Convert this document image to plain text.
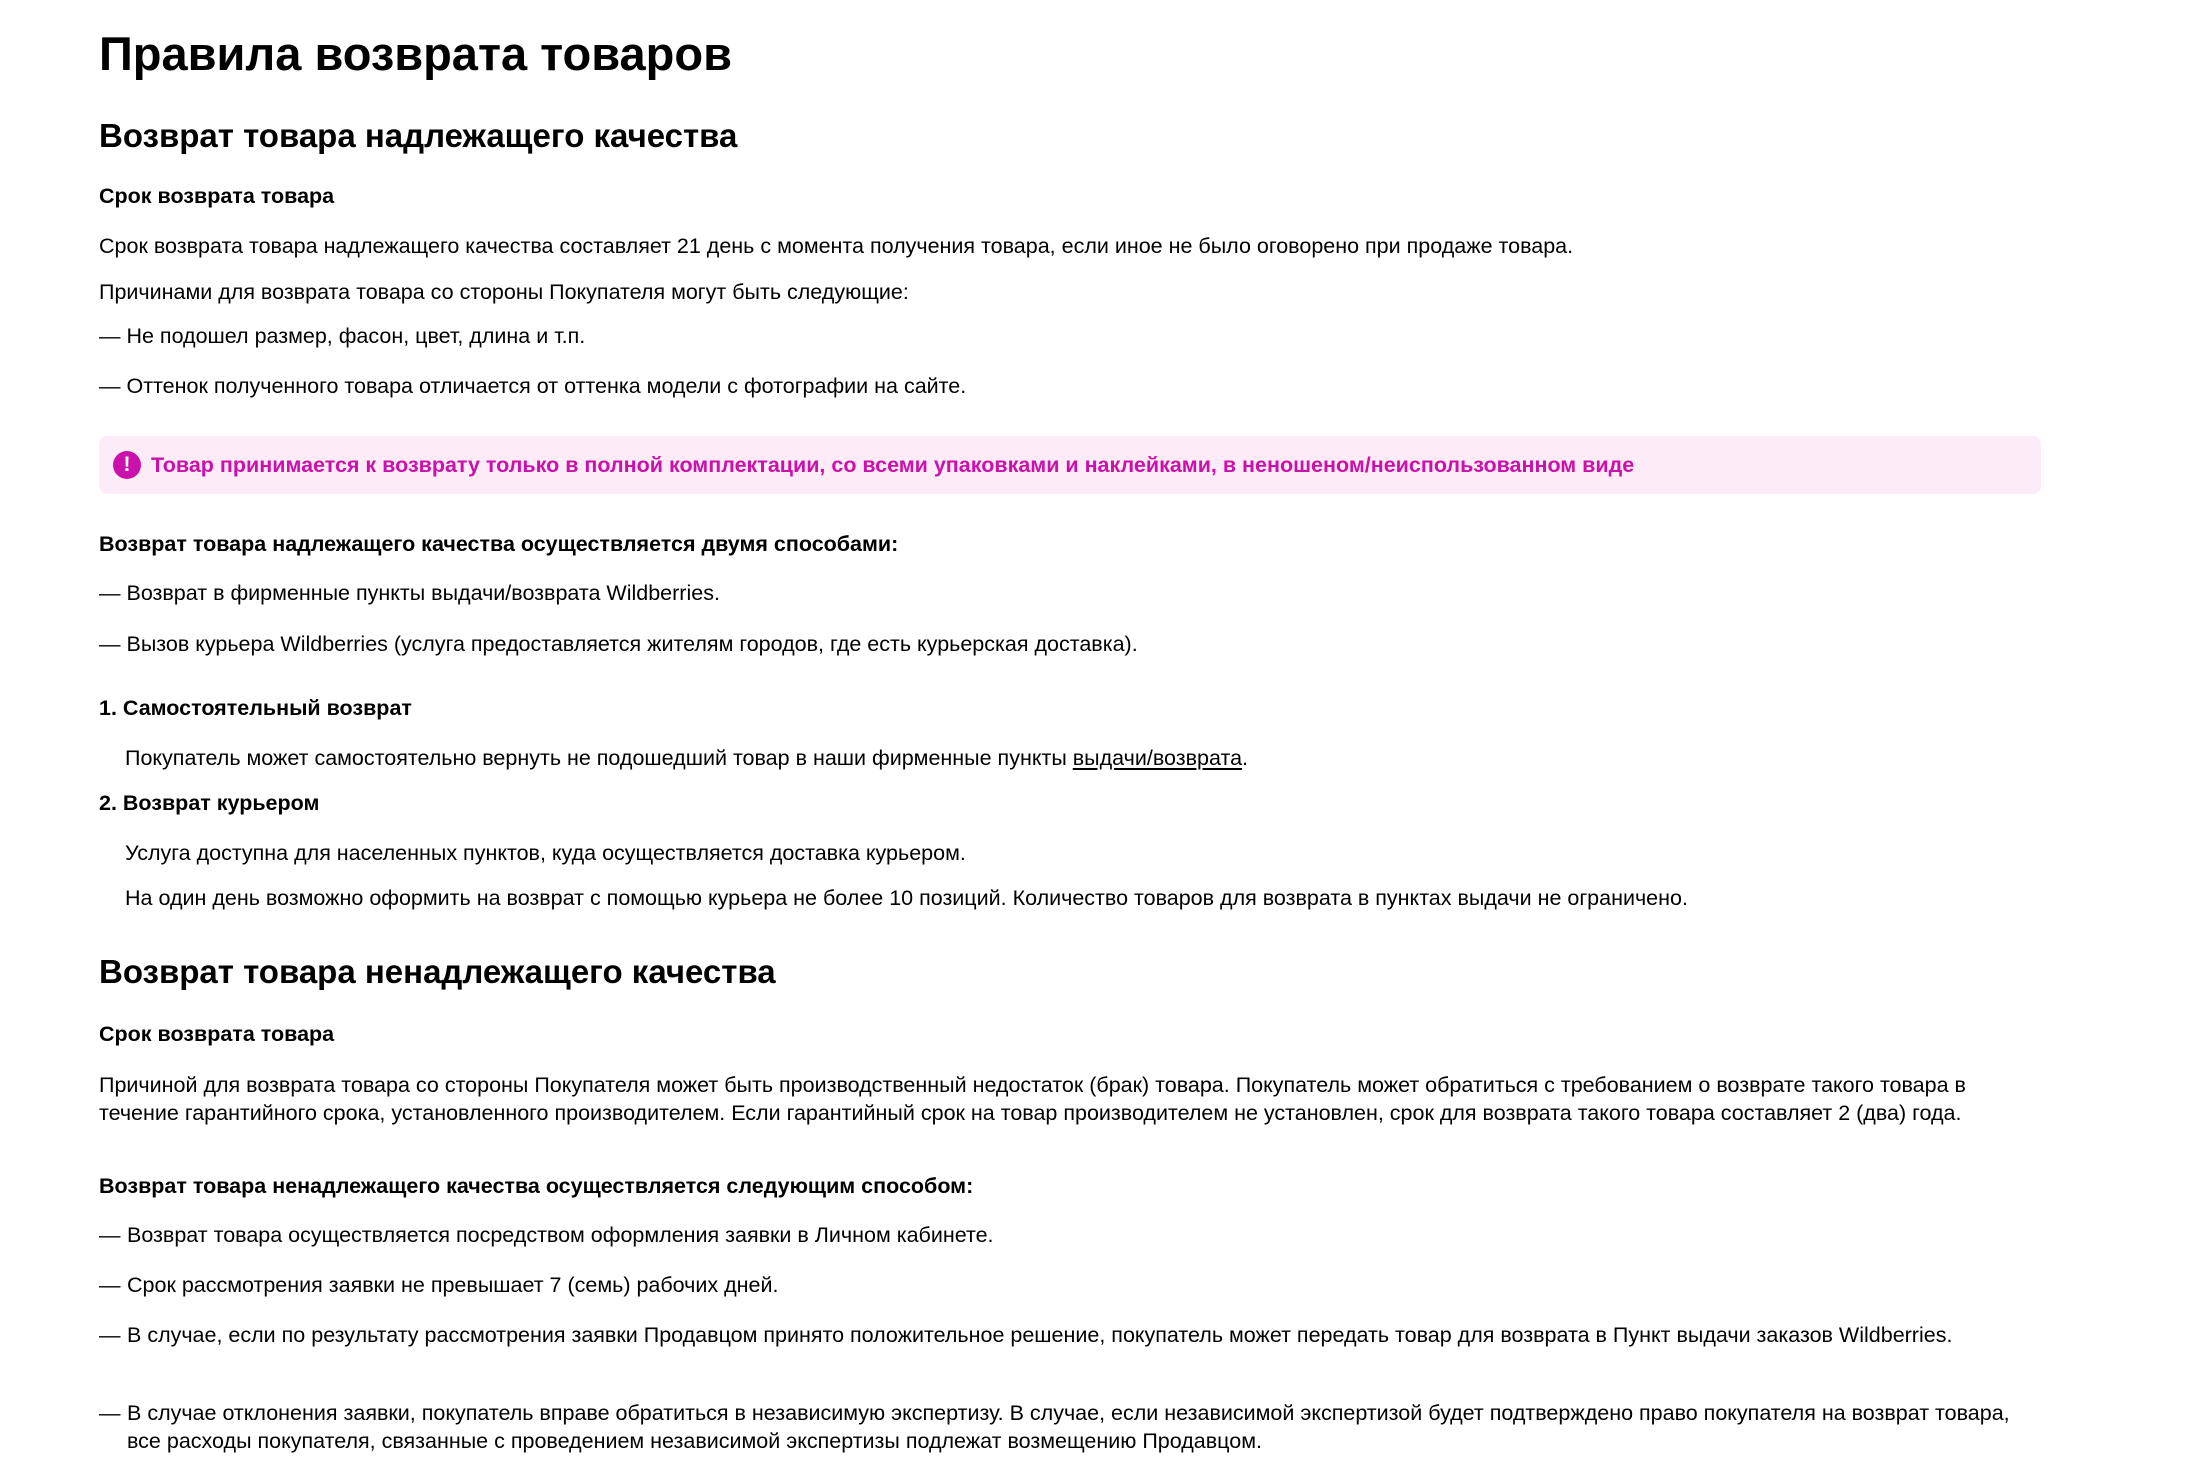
Правила возврата товаров
Возврат товара надлежащего качества
Срок возврата товара
Срок возврата товара надлежащего качества составляет 21 день с момента получения товара, если иное не было оговорено при продаже товара.
Причинами для возврата товара со стороны Покупателя могут быть следующие:
— Не подошел размер, фасон, цвет, длина и т.п.
— Оттенок полученного товара отличается от оттенка модели с фотографии на сайте.
! Товар принимается к возврату только в полной комплектации, со всеми упаковками и наклейками, в неношеном/неиспользованном виде
Возврат товара надлежащего качества осуществляется двумя способами:
— Возврат в фирменные пункты выдачи/возврата Wildberries.
— Вызов курьера Wildberries (услуга предоставляется жителям городов, где есть курьерская доставка).
1. Самостоятельный возврат
Покупатель может самостоятельно вернуть не подошедший товар в наши фирменные пункты выдачи/возврата.
2. Возврат курьером
Услуга доступна для населенных пунктов, куда осуществляется доставка курьером.
На один день возможно оформить на возврат с помощью курьера не более 10 позиций. Количество товаров для возврата в пунктах выдачи не ограничено.
Возврат товара ненадлежащего качества
Срок возврата товара
Причиной для возврата товара со стороны Покупателя может быть производственный недостаток (брак) товара. Покупатель может обратиться с требованием о возврате такого товара в течение гарантийного срока, установленного производителем. Если гарантийный срок на товар производителем не установлен, срок для возврата такого товара составляет 2 (два) года.
Возврат товара ненадлежащего качества осуществляется следующим способом:
— Возврат товара осуществляется посредством оформления заявки в Личном кабинете.
— Срок рассмотрения заявки не превышает 7 (семь) рабочих дней.
— В случае, если по результату рассмотрения заявки Продавцом принято положительное решение, покупатель может передать товар для возврата в Пункт выдачи заказов Wildberries.
— В случае отклонения заявки, покупатель вправе обратиться в независимую экспертизу. В случае, если независимой экспертизой будет подтверждено право покупателя на возврат товара, все расходы покупателя, связанные с проведением независимой экспертизы подлежат возмещению Продавцом.
